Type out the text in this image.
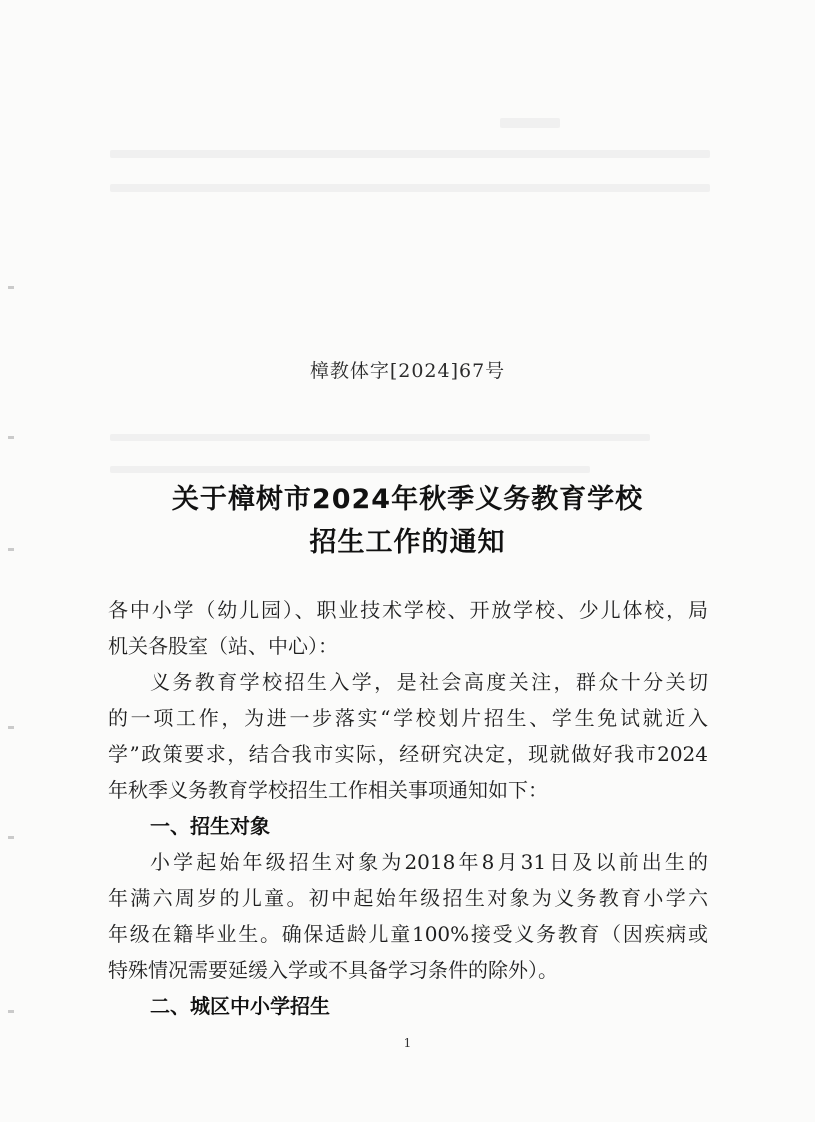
樟教体字[2024]67号
关于樟树市2024年秋季义务教育学校
招生工作的通知
各中小学（幼儿园）、职业技术学校、开放学校、少儿体校，局
机关各股室（站、中心）：
义务教育学校招生入学，是社会高度关注，群众十分关切
的一项工作，为进一步落实“学校划片招生、学生免试就近入
学”政策要求，结合我市实际，经研究决定，现就做好我市2024
年秋季义务教育学校招生工作相关事项通知如下：
一、招生对象
小学起始年级招生对象为2018年8月31日及以前出生的
年满六周岁的儿童。初中起始年级招生对象为义务教育小学六
年级在籍毕业生。确保适龄儿童100%接受义务教育（因疾病或
特殊情况需要延缓入学或不具备学习条件的除外）。
二、城区中小学招生
1
